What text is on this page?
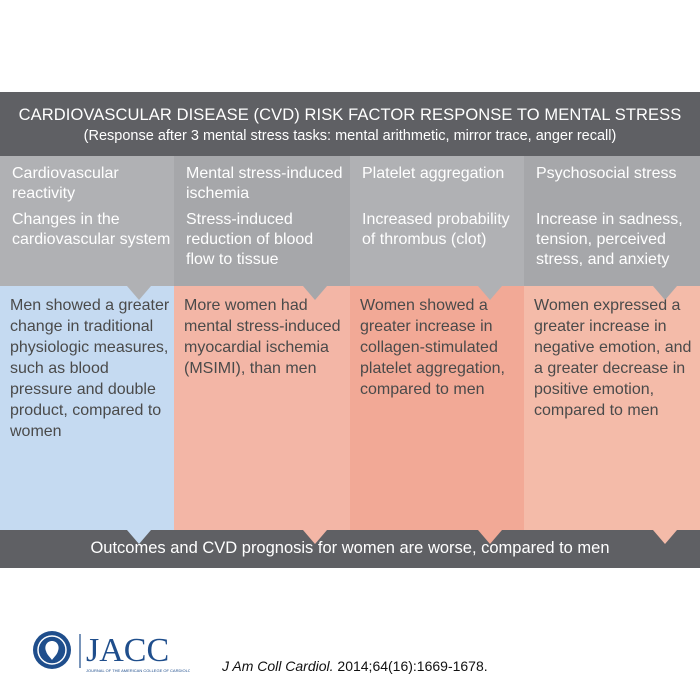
CARDIOVASCULAR DISEASE (CVD) RISK FACTOR RESPONSE TO MENTAL STRESS
(Response after 3 mental stress tasks: mental arithmetic, mirror trace, anger recall)
Cardiovascular reactivity
Changes in the cardiovascular system
Men showed a greater change in traditional physiologic measures, such as blood pressure and double product, compared to women
Mental stress-induced ischemia
Stress-induced reduction of blood flow to tissue
More women had mental stress-induced myocardial ischemia (MSIMI), than men
Platelet aggregation
Increased probability of thrombus (clot)
Women showed a greater increase in collagen-stimulated platelet aggregation, compared to men
Psychosocial stress
Increase in sadness, tension, perceived stress, and anxiety
Women expressed a greater increase in negative emotion, and a greater decrease in positive emotion, compared to men
Outcomes and CVD prognosis for women are worse, compared to men
JACC
JOURNAL OF THE AMERICAN COLLEGE OF CARDIOLOGY J Am Coll Cardiol. 2014;64(16):1669-1678.
